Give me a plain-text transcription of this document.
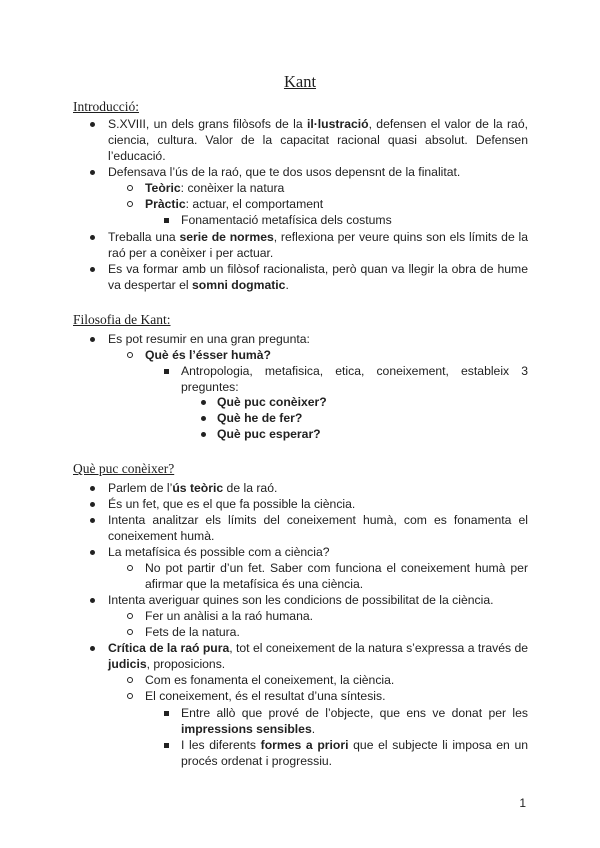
Kant
Introducció:
S.XVIII, un dels grans filòsofs de la il·lustració, defensen el valor de la raó, ciencia, cultura. Valor de la capacitat racional quasi absolut. Defensen l’educació.
Defensava l’ús de la raó, que te dos usos depensnt de la finalitat.
Teòric: conèixer la natura
Pràctic: actuar, el comportament
Fonamentació metafísica dels costums
Treballa una serie de normes, reflexiona per veure quins son els límits de la raó per a conèixer i per actuar.
Es va formar amb un filòsof racionalista, però quan va llegir la obra de hume va despertar el somni dogmatic.
Filosofia de Kant:
Es pot resumir en una gran pregunta:
Què és l’ésser humà?
Antropologia, metafisica, etica, coneixement, estableix 3 preguntes:
Què puc conèixer?
Què he de fer?
Què puc esperar?
Què puc conèixer?
Parlem de l’ús teòric de la raó.
És un fet, que es el que fa possible la ciència.
Intenta analitzar els límits del coneixement humà, com es fonamenta el coneixement humà.
La metafísica és possible com a ciència?
No pot partir d’un fet. Saber com funciona el coneixement humà per afirmar que la metafísica és una ciència.
Intenta averiguar quines son les condicions de possibilitat de la ciència.
Fer un anàlisi a la raó humana.
Fets de la natura.
Crítica de la raó pura, tot el coneixement de la natura s’expressa a través de judicis, proposicions.
Com es fonamenta el coneixement, la ciència.
El coneixement, és el resultat d’una síntesis.
Entre allò que prové de l’objecte, que ens ve donat per les impressions sensibles.
I les diferents formes a priori que el subjecte li imposa en un procés ordenat i progressiu.
1
